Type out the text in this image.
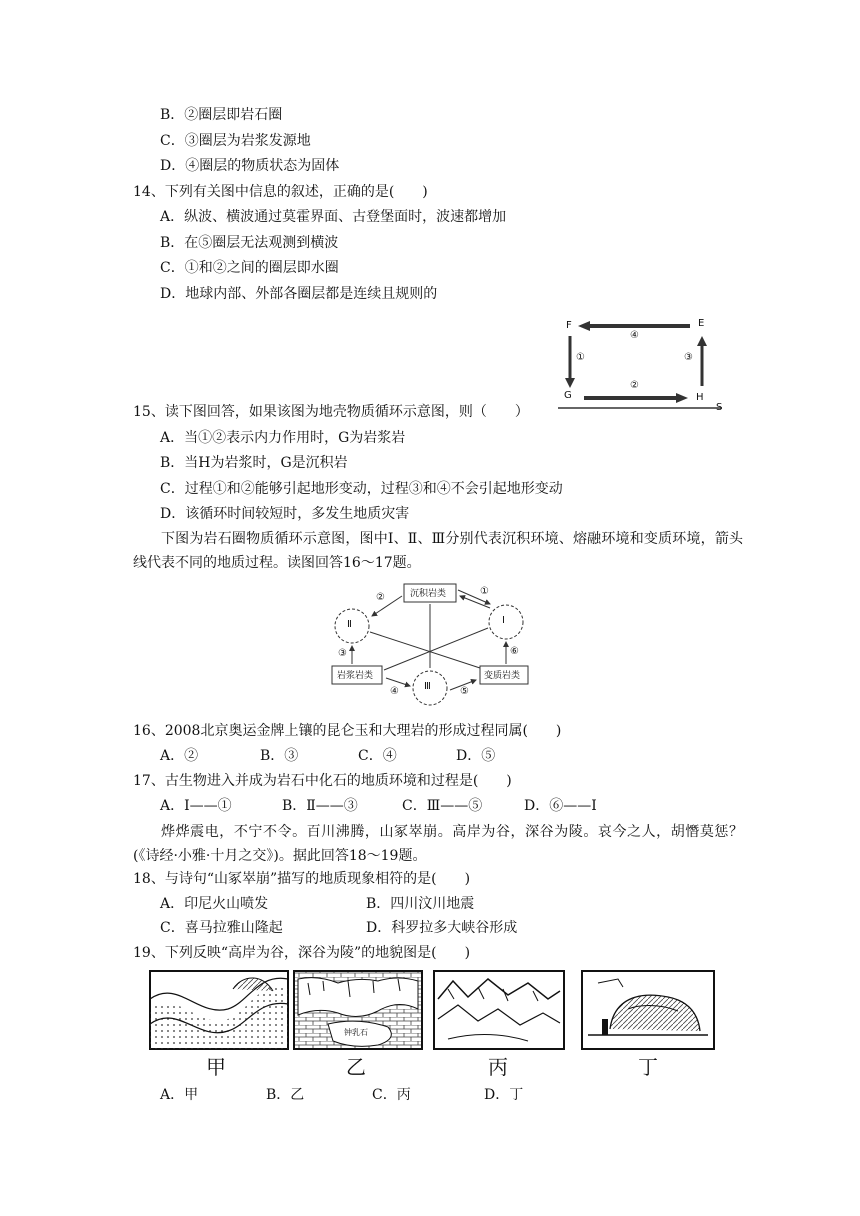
B．②圈层即岩石圈
C．③圈层为岩浆发源地
D．④圈层的物质状态为固体
14、下列有关图中信息的叙述，正确的是(　　)
A．纵波、横波通过莫霍界面、古登堡面时，波速都增加
B．在⑤圈层无法观测到横波
C．①和②之间的圈层即水圈
D．地球内部、外部各圈层都是连续且规则的
F	E
G	H
S
④
①	③
②
15、读下图回答，如果该图为地壳物质循环示意图，则（　　）
A．当①②表示内力作用时，G为岩浆岩
B．当H为岩浆时，G是沉积岩
C．过程①和②能够引起地形变动，过程③和④不会引起地形变动
D．该循环时间较短时，多发生地质灾害
下图为岩石圈物质循环示意图，图中Ⅰ、Ⅱ、Ⅲ分别代表沉积环境、熔融环境和变质环境，箭头线代表不同的地质过程。读图回答16～17题。
沉积岩类
岩浆岩类	变质岩类
Ⅰ
Ⅱ
Ⅲ
①
②
③
④	⑤
⑥
16、2008北京奥运金牌上镶的昆仑玉和大理岩的形成过程同属(　　)
A．②	B．③	C．④	D．⑤
17、古生物进入并成为岩石中化石的地质环境和过程是(　　)
A．Ⅰ——①	B．Ⅱ——③	C．Ⅲ——⑤	D．⑥——Ⅰ
烨烨震电，不宁不令。百川沸腾，山冢崒崩。高岸为谷，深谷为陵。哀今之人，胡憯莫惩？(《诗经·小雅·十月之交》)。据此回答18～19题。
18、与诗句“山冢崒崩”描写的地质现象相符的是(　　)
A．印尼火山喷发	B．四川汶川地震
C．喜马拉雅山隆起	D．科罗拉多大峡谷形成
19、下列反映“高岸为谷，深谷为陵”的地貌图是(　　)
甲	乙	丙	丁
钟乳石
A．甲	B．乙	C．丙	D．丁
